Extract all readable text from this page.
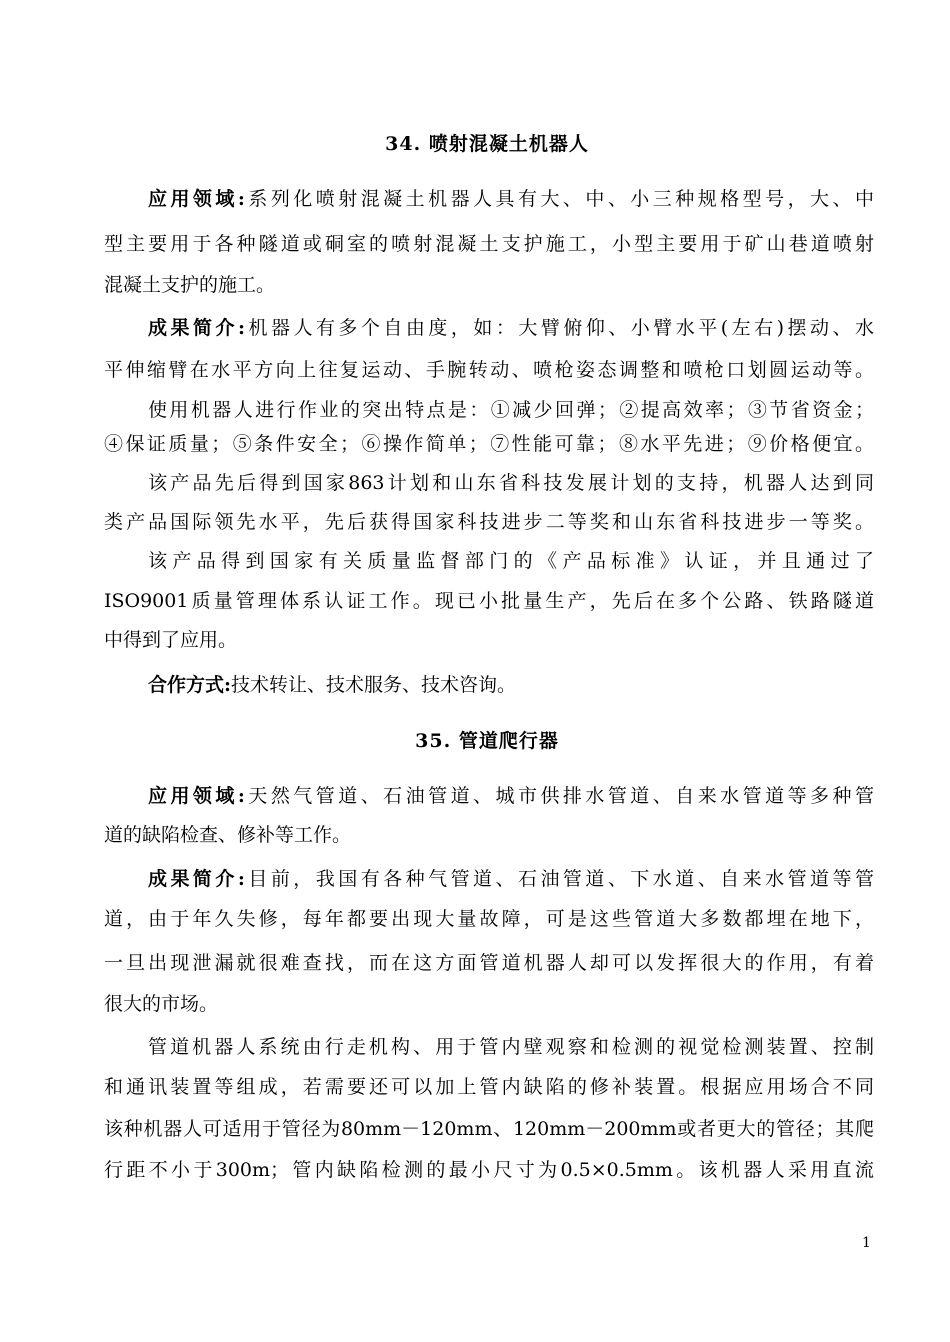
34. 喷射混凝土机器人
应用领域:系列化喷射混凝土机器人具有大、中、小三种规格型号，大、中
型主要用于各种隧道或硐室的喷射混凝土支护施工，小型主要用于矿山巷道喷射
混凝土支护的施工。
成果简介:机器人有多个自由度，如：大臂俯仰、小臂水平(左右)摆动、水
平伸缩臂在水平方向上往复运动、手腕转动、喷枪姿态调整和喷枪口划圆运动等。
使用机器人进行作业的突出特点是：①减少回弹；②提高效率；③节省资金；
④保证质量；⑤条件安全；⑥操作简单；⑦性能可靠；⑧水平先进；⑨价格便宜。
该产品先后得到国家863计划和山东省科技发展计划的支持，机器人达到同
类产品国际领先水平，先后获得国家科技进步二等奖和山东省科技进步一等奖。
该产品得到国家有关质量监督部门的《产品标准》认证，并且通过了
ISO9001质量管理体系认证工作。现已小批量生产，先后在多个公路、铁路隧道
中得到了应用。
合作方式:技术转让、技术服务、技术咨询。
35. 管道爬行器
应用领域:天然气管道、石油管道、城市供排水管道、自来水管道等多种管
道的缺陷检查、修补等工作。
成果简介:目前，我国有各种气管道、石油管道、下水道、自来水管道等管
道，由于年久失修，每年都要出现大量故障，可是这些管道大多数都埋在地下，
一旦出现泄漏就很难查找，而在这方面管道机器人却可以发挥很大的作用，有着
很大的市场。
管道机器人系统由行走机构、用于管内壁观察和检测的视觉检测装置、控制
和通讯装置等组成，若需要还可以加上管内缺陷的修补装置。根据应用场合不同
该种机器人可适用于管径为80mm－120mm、120mm－200mm或者更大的管径；其爬
行距不小于300m；管内缺陷检测的最小尺寸为0.5×0.5mm。该机器人采用直流
1
